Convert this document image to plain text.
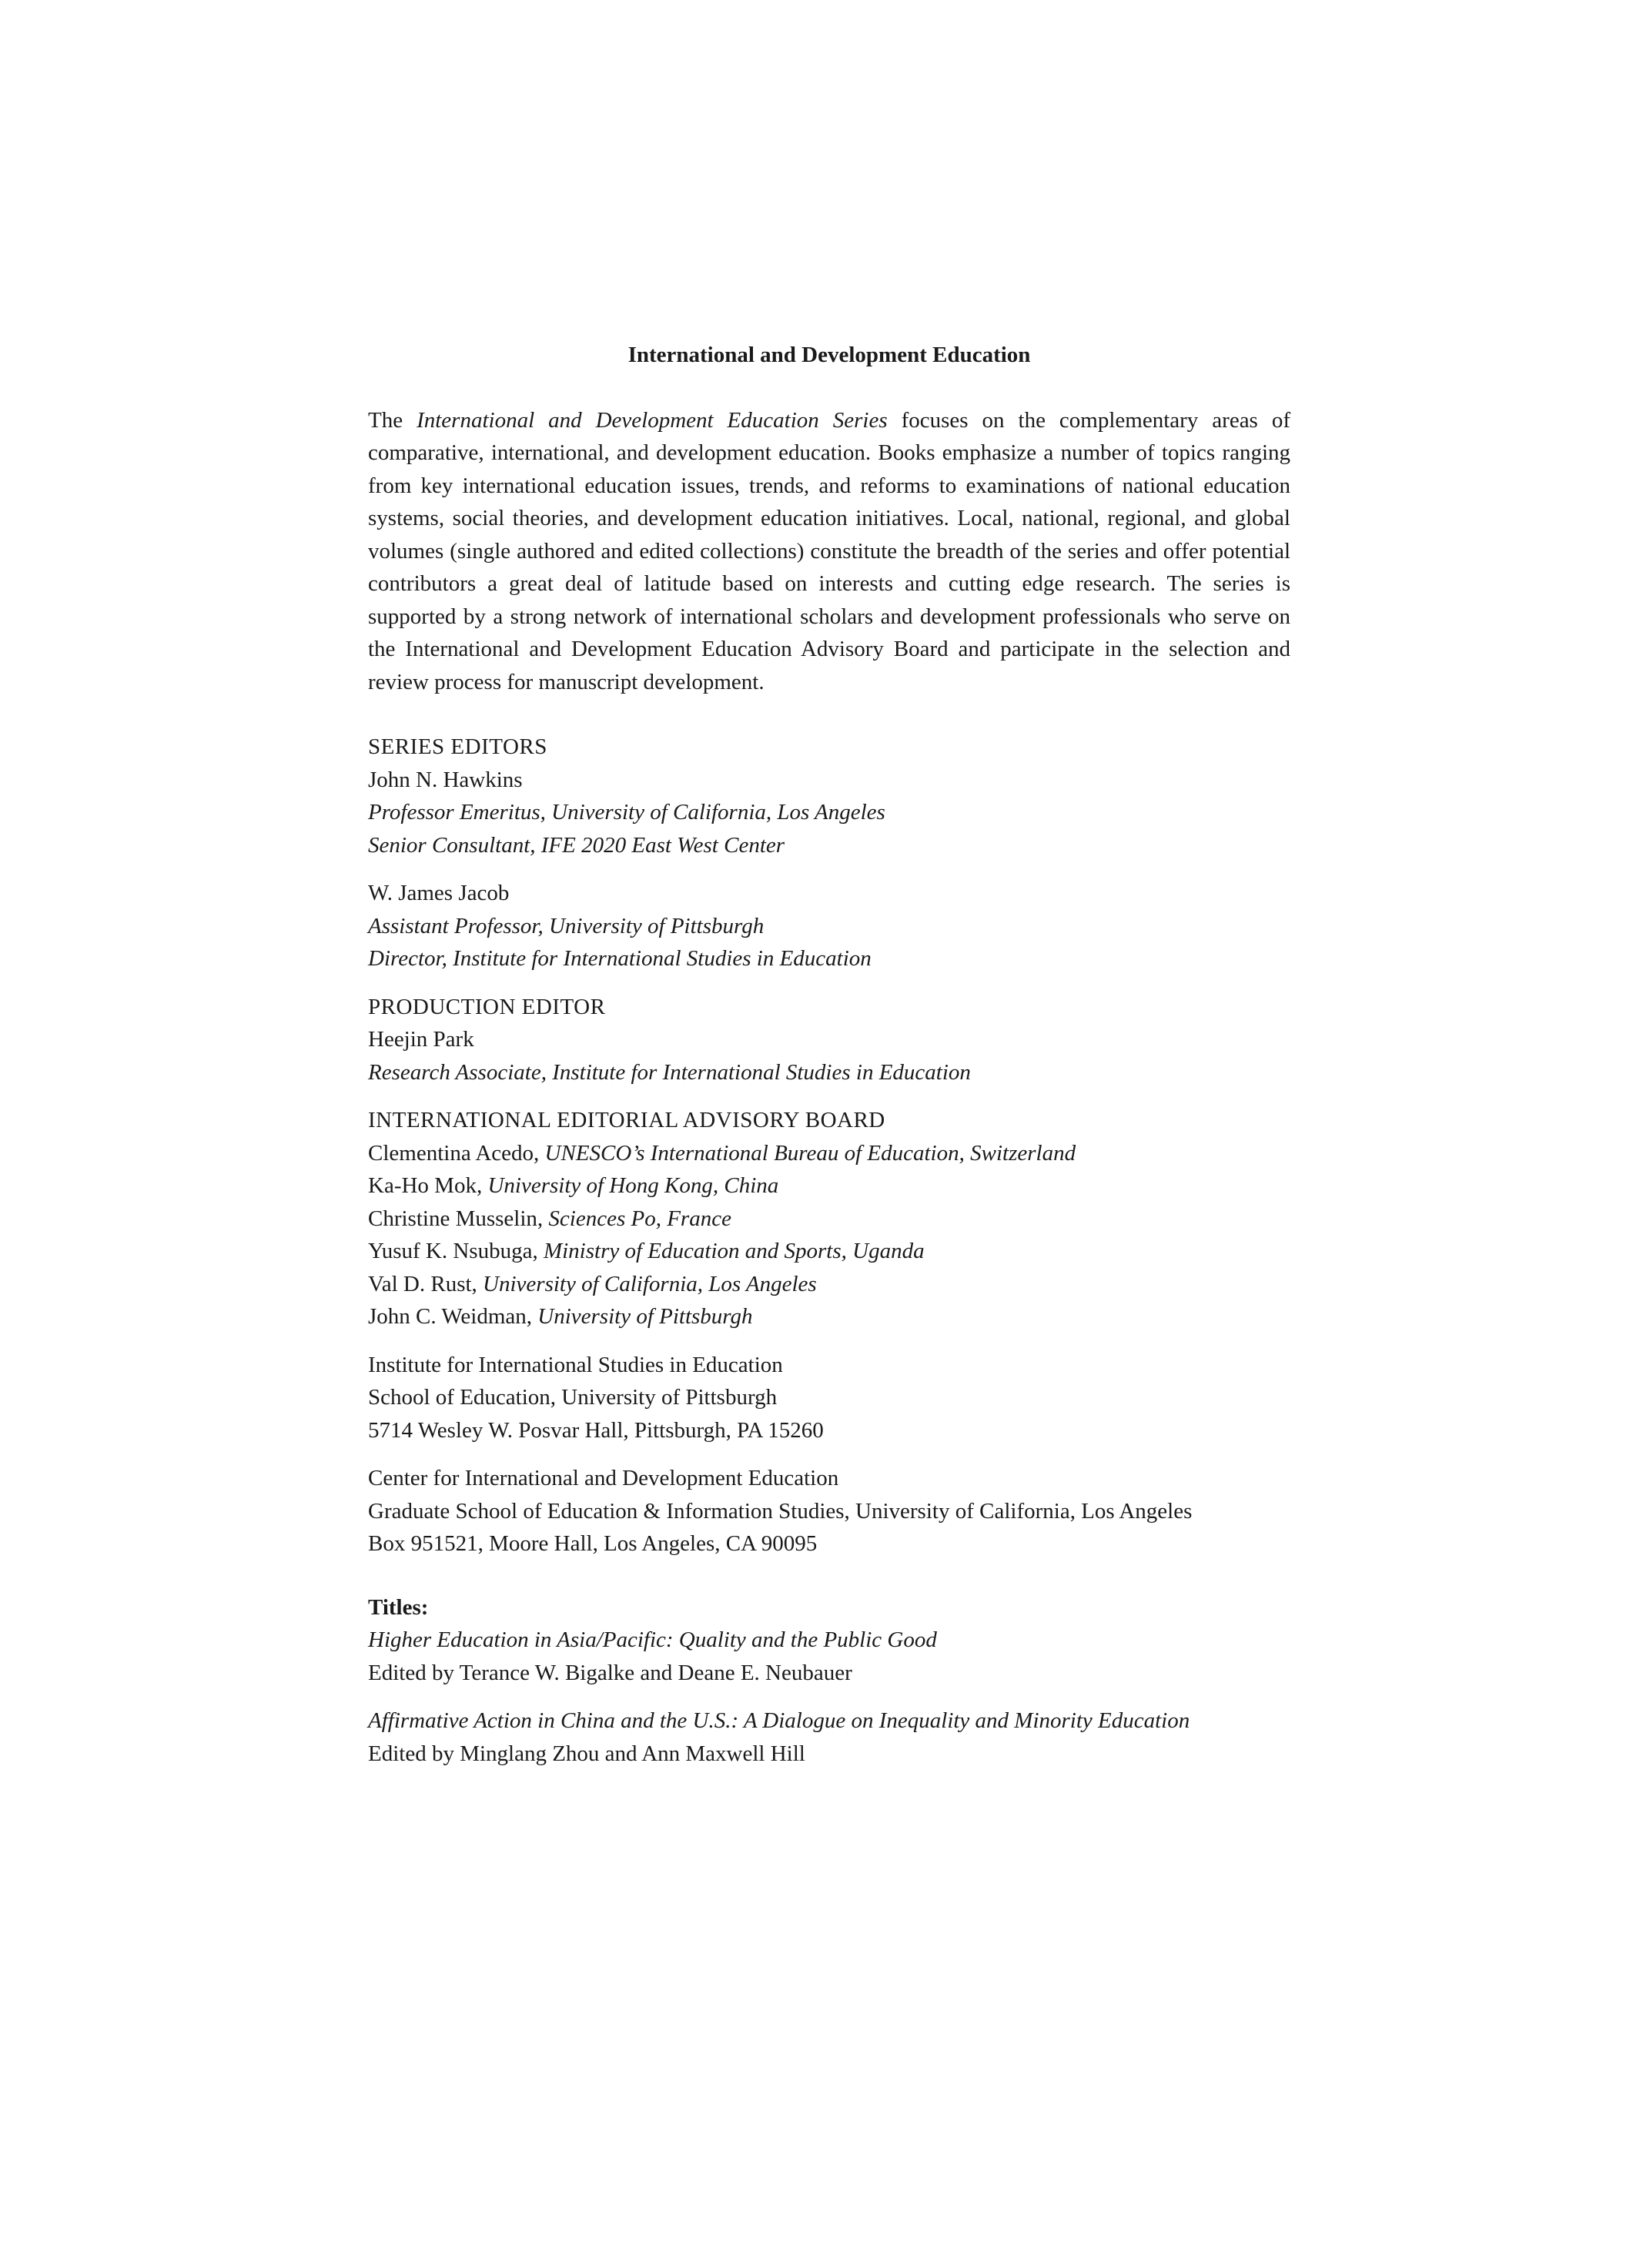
International and Development Education

The International and Development Education Series focuses on the complementary areas of comparative, international, and development education. Books emphasize a number of topics ranging from key international education issues, trends, and reforms to examinations of national education systems, social theories, and development education initiatives. Local, national, regional, and global volumes (single authored and edited collections) constitute the breadth of the series and offer potential contributors a great deal of latitude based on interests and cutting edge research. The series is supported by a strong network of international scholars and development professionals who serve on the International and Development Education Advisory Board and participate in the selection and review process for manuscript development.

SERIES EDITORS
John N. Hawkins
Professor Emeritus, University of California, Los Angeles
Senior Consultant, IFE 2020 East West Center
W. James Jacob
Assistant Professor, University of Pittsburgh
Director, Institute for International Studies in Education
PRODUCTION EDITOR
Heejin Park
Research Associate, Institute for International Studies in Education
INTERNATIONAL EDITORIAL ADVISORY BOARD
Clementina Acedo, UNESCO’s International Bureau of Education, Switzerland
Ka-Ho Mok, University of Hong Kong, China
Christine Musselin, Sciences Po, France
Yusuf K. Nsubuga, Ministry of Education and Sports, Uganda
Val D. Rust, University of California, Los Angeles
John C. Weidman, University of Pittsburgh
Institute for International Studies in Education
School of Education, University of Pittsburgh
5714 Wesley W. Posvar Hall, Pittsburgh, PA 15260
Center for International and Development Education
Graduate School of Education & Information Studies, University of California, Los Angeles
Box 951521, Moore Hall, Los Angeles, CA 90095
Titles:
Higher Education in Asia/Pacific: Quality and the Public Good
Edited by Terance W. Bigalke and Deane E. Neubauer
Affirmative Action in China and the U.S.: A Dialogue on Inequality and Minority Education
Edited by Minglang Zhou and Ann Maxwell Hill
